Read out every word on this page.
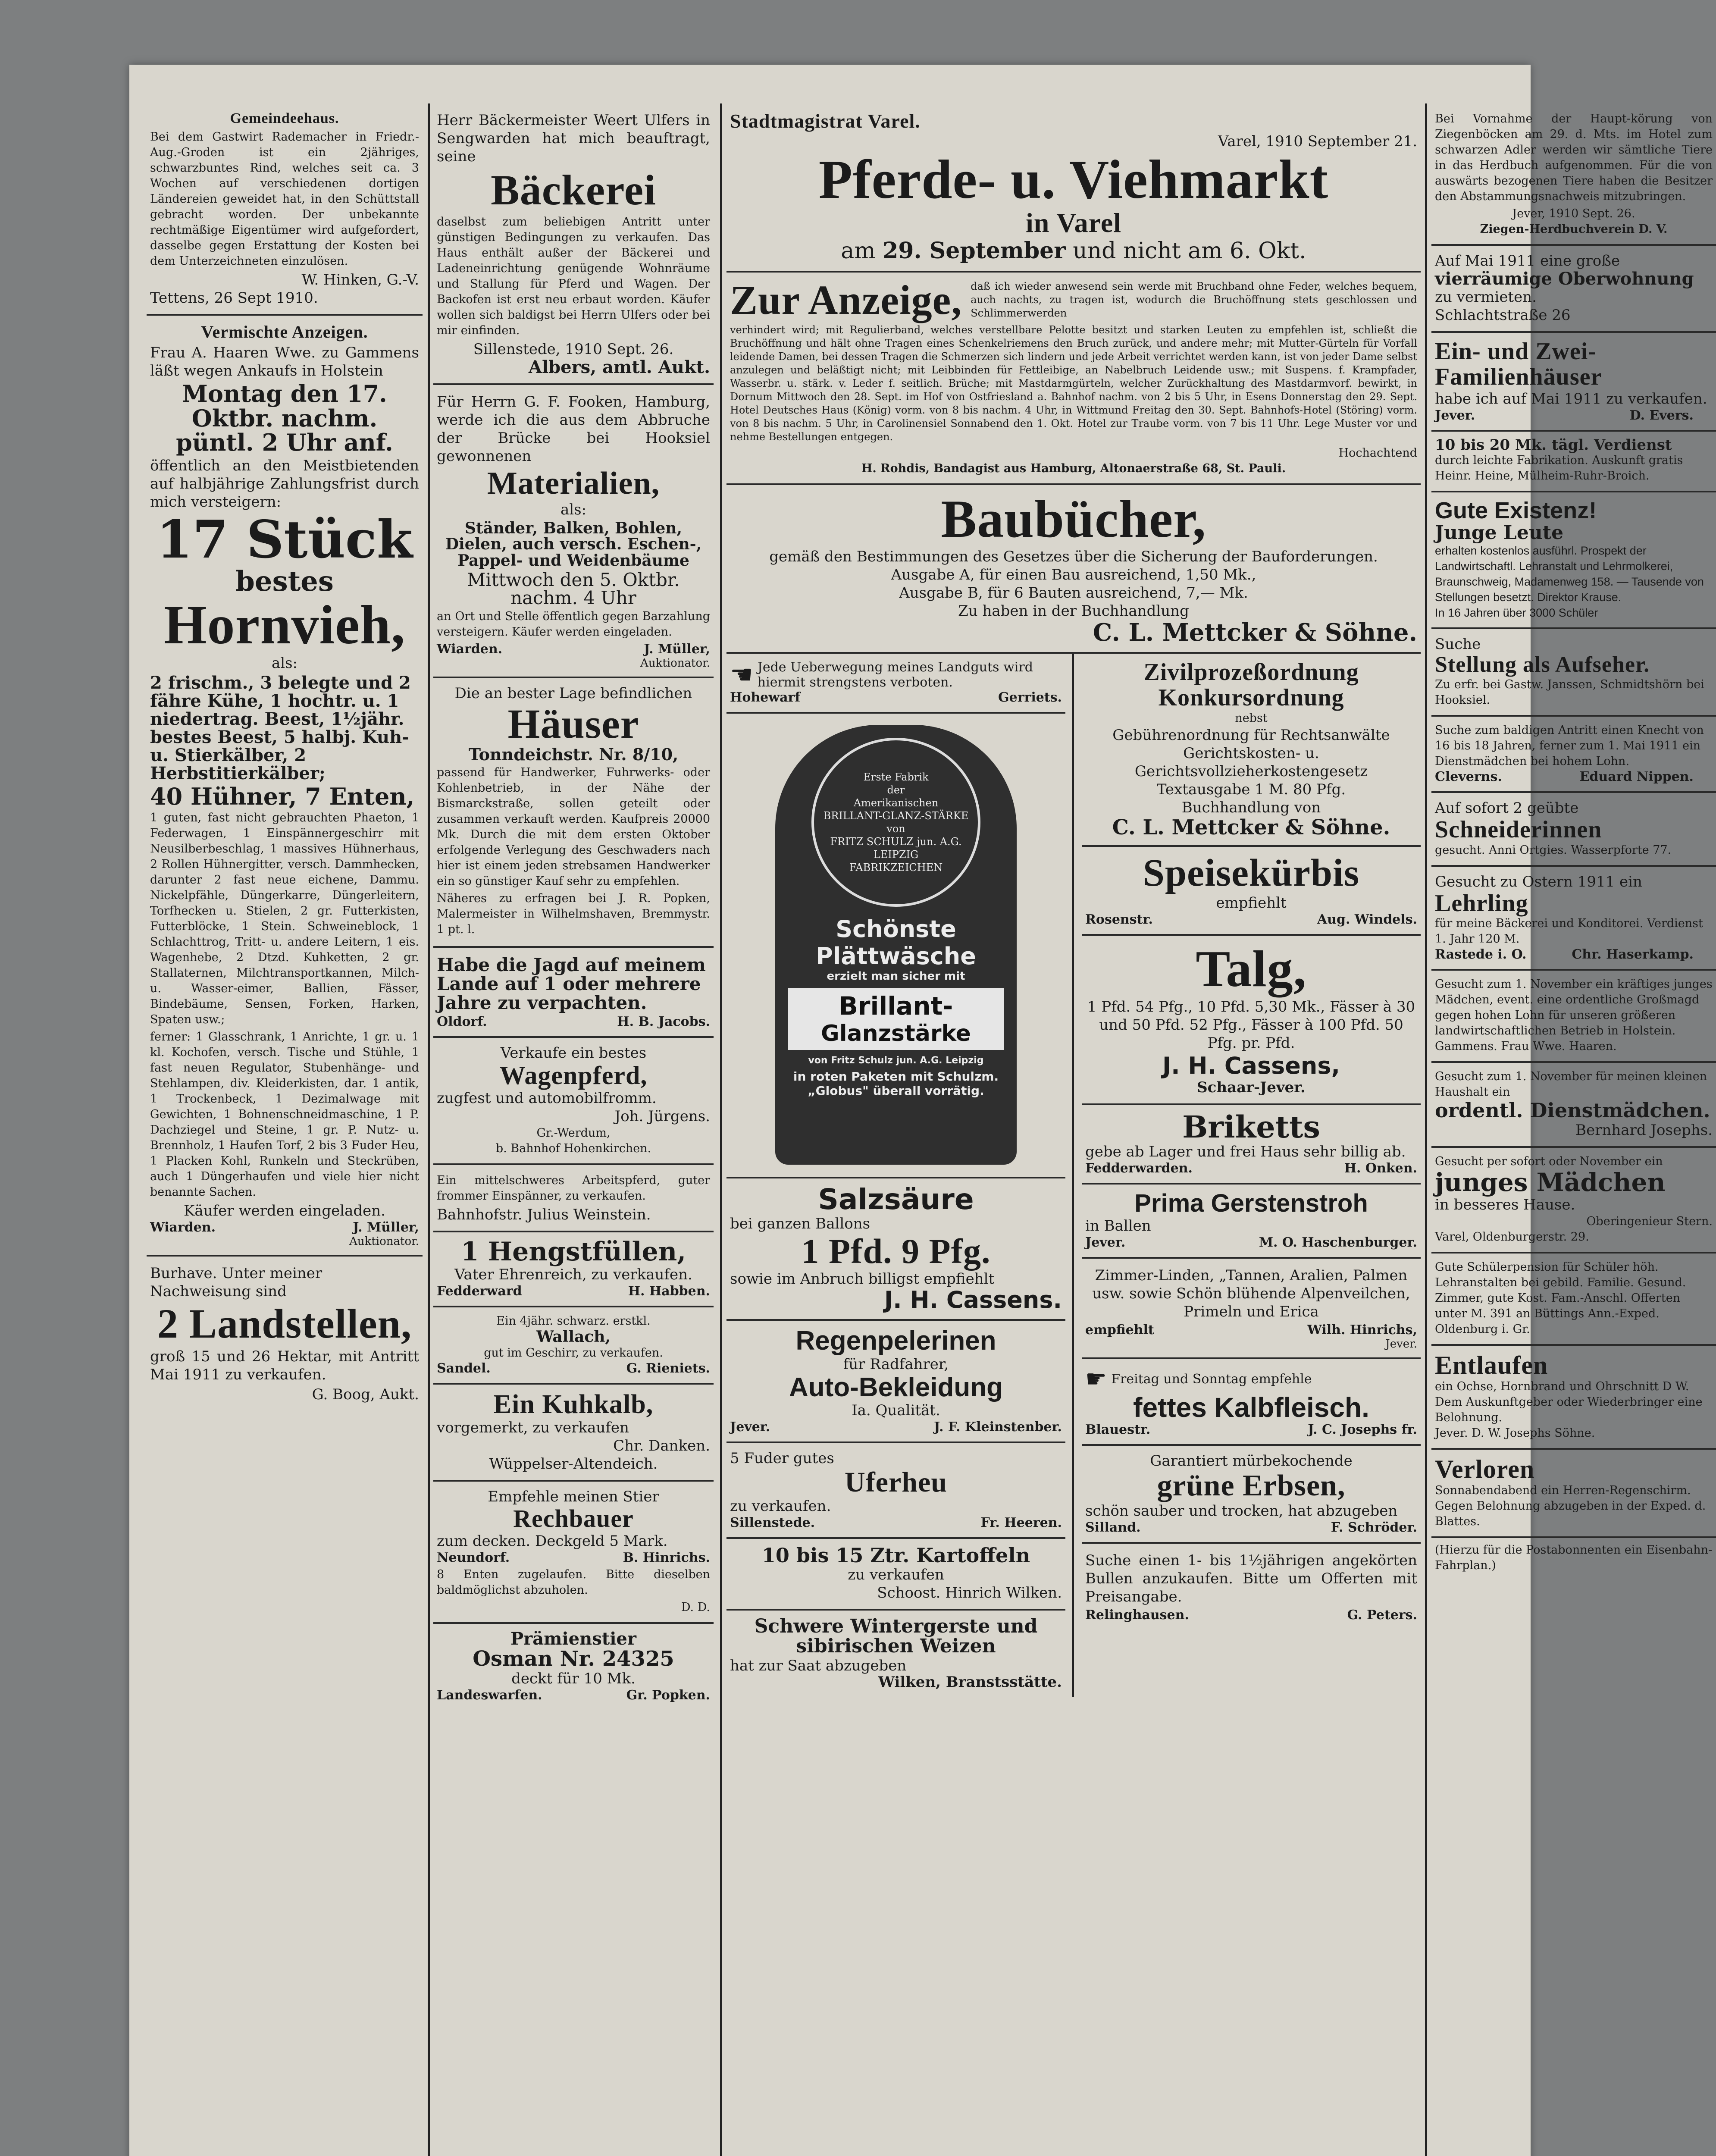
Gemeindeehaus.

Bei dem Gastwirt Rademacher in Friedr.-Aug.-Groden ist ein 2jähriges, schwarzbuntes Rind, welches seit ca. 3 Wochen auf verschiedenen dortigen Ländereien geweidet hat, in den Schüttstall gebracht worden. Der unbekannte rechtmäßige Eigentümer wird aufgefordert, dasselbe gegen Erstattung der Kosten bei dem Unterzeichneten einzulösen.

W. Hinken, G.-V.
Tettens, 26 Sept 1910.
Vermischte Anzeigen.

Frau A. Haaren Wwe. zu Gammens läßt wegen Ankaufs in Holstein

Montag den 17. Oktbr. nachm. püntl. 2 Uhr anf.

öffentlich an den Meistbietenden auf halbjährige Zahlungsfrist durch mich versteigern:

17 Stück
bestes
Hornvieh,
als:

2 frischm., 3 belegte und 2 fähre Kühe, 1 hochtr. u. 1 niedertrag. Beest, 1½jähr. bestes Beest, 5 halbj. Kuh- u. Stierkälber, 2 Herbstitierkälber;

40 Hühner, 7 Enten,

1 guten, fast nicht gebrauchten Phaeton, 1 Federwagen, 1 Einspännergeschirr mit Neusilberbeschlag, 1 massives Hühnerhaus, 2 Rollen Hühnergitter, versch. Dammhecken, darunter 2 fast neue eichene, Dammu. Nickelpfähle, Düngerkarre, Düngerleitern, Torfhecken u. Stielen, 2 gr. Futterkisten, Futterblöcke, 1 Stein. Schweineblock, 1 Schlachttrog, Tritt- u. andere Leitern, 1 eis. Wagenhebe, 2 Dtzd. Kuhketten, 2 gr. Stallaternen, Milchtransportkannen, Milch- u. Wasser-eimer, Ballien, Fässer, Bindebäume, Sensen, Forken, Harken, Spaten usw.;

ferner: 1 Glasschrank, 1 Anrichte, 1 gr. u. 1 kl. Kochofen, versch. Tische und Stühle, 1 fast neuen Regulator, Stubenhänge- und Stehlampen, div. Kleiderkisten, dar. 1 antik, 1 Trockenbeck, 1 Dezimalwage mit Gewichten, 1 Bohnenschneidmaschine, 1 P. Dachziegel und Steine, 1 gr. P. Nutz- u. Brennholz, 1 Haufen Torf, 2 bis 3 Fuder Heu, 1 Placken Kohl, Runkeln und Steckrüben, auch 1 Düngerhaufen und viele hier nicht benannte Sachen.

Käufer werden eingeladen.
Wiarden.	J. Müller,
Auktionator.

Burhave. Unter meiner Nachweisung sind

2 Landstellen,

groß 15 und 26 Hektar, mit Antritt Mai 1911 zu verkaufen.

G. Boog, Aukt.

Herr Bäckermeister Weert Ulfers in Sengwarden hat mich beauftragt, seine

Bäckerei

daselbst zum beliebigen Antritt unter günstigen Bedingungen zu verkaufen. Das Haus enthält außer der Bäckerei und Ladeneinrichtung genügende Wohnräume und Stallung für Pferd und Wagen. Der Backofen ist erst neu erbaut worden. Käufer wollen sich baldigst bei Herrn Ulfers oder bei mir einfinden.

Sillenstede, 1910 Sept. 26.
Albers, amtl. Aukt.

Für Herrn G. F. Fooken, Hamburg, werde ich die aus dem Abbruche der Brücke bei Hooksiel gewonnenen

Materialien,
als:

Ständer, Balken, Bohlen, Dielen, auch versch. Eschen-, Pappel- und Weidenbäume

Mittwoch den 5. Oktbr. nachm. 4 Uhr

an Ort und Stelle öffentlich gegen Barzahlung versteigern. Käufer werden eingeladen.

Wiarden.	J. Müller,
Auktionator.
Die an bester Lage befindlichen
Häuser
Tonndeichstr. Nr. 8/10,

passend für Handwerker, Fuhrwerks- oder Kohlenbetrieb, in der Nähe der Bismarckstraße, sollen geteilt oder zusammen verkauft werden. Kaufpreis 20000 Mk. Durch die mit dem ersten Oktober erfolgende Verlegung des Geschwaders nach hier ist einem jeden strebsamen Handwerker ein so günstiger Kauf sehr zu empfehlen.

Näheres zu erfragen bei J. R. Popken, Malermeister in Wilhelmshaven, Bremmystr. 1 pt. l.

Habe die Jagd auf meinem Lande auf 1 oder mehrere Jahre zu verpachten.

Oldorf.	H. B. Jacobs.
Verkaufe ein bestes
Wagenpferd,
zugfest und automobilfromm.
Joh. Jürgens.
Gr.-Werdum,
b. Bahnhof Hohenkirchen.

Ein mittelschweres Arbeitspferd, guter frommer Einspänner, zu verkaufen.

Bahnhofstr. Julius Weinstein.
1 Hengstfüllen,
Vater Ehrenreich, zu verkaufen.
Fedderward	H. Habben.
Ein 4jähr. schwarz. erstkl.
Wallach,
gut im Geschirr, zu verkaufen.
Sandel.	G. Rieniets.
Ein Kuhkalb,
vorgemerkt, zu verkaufen
Chr. Danken.
Wüppelser-Altendeich.
Empfehle meinen Stier
Rechbauer
zum decken. Deckgeld 5 Mark.
Neundorf.	B. Hinrichs.

8 Enten zugelaufen. Bitte dieselben baldmöglichst abzuholen.

D. D.
Prämienstier
Osman Nr. 24325
deckt für 10 Mk.
Landeswarfen.	Gr. Popken.
Stadtmagistrat Varel.
Varel, 1910 September 21.
Pferde- u. Viehmarkt
in Varel
am 29. September und nicht am 6. Okt.
Zur Anzeige, daß ich wieder anwesend sein werde mit Bruchband ohne Feder, welches bequem, auch nachts, zu tragen ist, wodurch die Bruchöffnung stets geschlossen und Schlimmerwerden

verhindert wird; mit Regulierband, welches verstellbare Pelotte besitzt und starken Leuten zu empfehlen ist, schließt die Bruchöffnung und hält ohne Tragen eines Schenkelriemens den Bruch zurück, und andere mehr; mit Mutter-Gürteln für Vorfall leidende Damen, bei dessen Tragen die Schmerzen sich lindern und jede Arbeit verrichtet werden kann, ist von jeder Dame selbst anzulegen und beläßtigt nicht; mit Leibbinden für Fettleibige, an Nabelbruch Leidende usw.; mit Suspens. f. Krampfader, Wasserbr. u. stärk. v. Leder f. seitlich. Brüche; mit Mastdarmgürteln, welcher Zurückhaltung des Mastdarmvorf. bewirkt, in Dornum Mittwoch den 28. Sept. im Hof von Ostfriesland a. Bahnhof nachm. von 2 bis 5 Uhr, in Esens Donnerstag den 29. Sept. Hotel Deutsches Haus (König) vorm. von 8 bis nachm. 4 Uhr, in Wittmund Freitag den 30. Sept. Bahnhofs-Hotel (Störing) vorm. von 8 bis nachm. 5 Uhr, in Carolinensiel Sonnabend den 1. Okt. Hotel zur Traube vorm. von 7 bis 11 Uhr. Lege Muster vor und nehme Bestellungen entgegen.

Hochachtend
H. Rohdis, Bandagist aus Hamburg, Altonaerstraße 68, St. Pauli.
Baubücher,
gemäß den Bestimmungen des Gesetzes über die Sicherung der Bauforderungen.
Ausgabe A, für einen Bau ausreichend, 1,50 Mk.,
Ausgabe B, für 6 Bauten ausreichend, 7,— Mk.
Zu haben in der Buchhandlung
C. L. Mettcker & Söhne.
☚ Jede Ueberwegung meines Landguts wird hiermit strengstens verboten.
Hohewarf	Gerriets.
Erste Fabrik
der
Amerikanischen
BRILLANT-GLANZ-STÄRKE
von
FRITZ SCHULZ jun. A.G.
LEIPZIG
FABRIKZEICHEN
Schönste
Plättwäsche
erzielt man sicher mit
Brillant-
Glanzstärke
von Fritz Schulz jun. A.G. Leipzig
in roten Paketen mit Schulzm. „Globus" überall vorrätig.
Salzsäure
bei ganzen Ballons
1 Pfd. 9 Pfg.
sowie im Anbruch billigst empfiehlt
J. H. Cassens.
Regenpelerinen
für Radfahrer,
Auto-Bekleidung
Ia. Qualität.
Jever.	J. F. Kleinstenber.
5 Fuder gutes
Uferheu
zu verkaufen.
Sillenstede.	Fr. Heeren.
10 bis 15 Ztr. Kartoffeln
zu verkaufen
Schoost. Hinrich Wilken.
Schwere Wintergerste und sibirischen Weizen
hat zur Saat abzugeben
Wilken, Branstsstätte.
Zivilprozeßordnung
Konkursordnung
nebst
Gebührenordnung für Rechtsanwälte Gerichtskosten- u. Gerichtsvollzieherkostengesetz
Textausgabe 1 M. 80 Pfg.
Buchhandlung von
C. L. Mettcker & Söhne.
Speisekürbis
empfiehlt
Rosenstr.	Aug. Windels.
Talg,

1 Pfd. 54 Pfg., 10 Pfd. 5,30 Mk., Fässer à 30 und 50 Pfd. 52 Pfg., Fässer à 100 Pfd. 50 Pfg. pr. Pfd.

J. H. Cassens,
Schaar-Jever.
Briketts
gebe ab Lager und frei Haus sehr billig ab.
Fedderwarden.	H. Onken.
Prima Gerstenstroh
in Ballen
Jever.	M. O. Haschenburger.

Zimmer-Linden, „Tannen, Aralien, Palmen usw. sowie Schön blühende Alpenveilchen, Primeln und Erica

empfiehlt	Wilh. Hinrichs,
Jever.
☛ Freitag und Sonntag empfehle
fettes Kalbfleisch.
Blauestr.	J. C. Josephs fr.
Garantiert mürbekochende
grüne Erbsen,
schön sauber und trocken, hat abzugeben
Silland.	F. Schröder.

Suche einen 1- bis 1½jährigen angekörten Bullen anzukaufen. Bitte um Offerten mit Preisangabe.

Relinghausen.	G. Peters.

Bei Vornahme der Haupt-körung von Ziegenböcken am 29. d. Mts. im Hotel zum schwarzen Adler werden wir sämtliche Tiere in das Herdbuch aufgenommen. Für die von auswärts bezogenen Tiere haben die Besitzer den Abstammungsnachweis mitzubringen.

Jever, 1910 Sept. 26.
Ziegen-Herdbuchverein D. V.
Auf Mai 1911 eine große
vierräumige Oberwohnung
zu vermieten.
Schlachtstraße 26
Ein- und Zwei-Familienhäuser
habe ich auf Mai 1911 zu verkaufen.
Jever.	D. Evers.
10 bis 20 Mk. tägl. Verdienst
durch leichte Fabrikation. Auskunft gratis Heinr. Heine, Mülheim-Ruhr-Broich.
Gute Existenz!
Junge Leute
erhalten kostenlos ausführl. Prospekt der Landwirtschaftl. Lehranstalt und Lehrmolkerei, Braunschweig, Madamenweg 158. — Tausende von Stellungen besetzt. Direktor Krause.
In 16 Jahren über 3000 Schüler
Suche
Stellung als Aufseher.
Zu erfr. bei Gastw. Janssen, Schmidtshörn bei Hooksiel.
Suche zum baldigen Antritt einen Knecht von 16 bis 18 Jahren, ferner zum 1. Mai 1911 ein Dienstmädchen bei hohem Lohn.
Cleverns.	Eduard Nippen.
Auf sofort 2 geübte
Schneiderinnen
gesucht. Anni Ortgies. Wasserpforte 77.
Gesucht zu Ostern 1911 ein
Lehrling
für meine Bäckerei und Konditorei. Verdienst 1. Jahr 120 M.
Rastede i. O.	Chr. Haserkamp.
Gesucht zum 1. November ein kräftiges junges Mädchen, event. eine ordentliche Großmagd gegen hohen Lohn für unseren größeren landwirtschaftlichen Betrieb in Holstein.
Gammens. Frau Wwe. Haaren.
Gesucht zum 1. November für meinen kleinen Haushalt ein
ordentl. Dienstmädchen.
Bernhard Josephs.
Gesucht per sofort oder November ein
junges Mädchen
in besseres Hause.
Oberingenieur Stern.
Varel, Oldenburgerstr. 29.
Gute Schülerpension für Schüler höh. Lehranstalten bei gebild. Familie. Gesund. Zimmer, gute Kost. Fam.-Anschl. Offerten unter M. 391 an Büttings Ann.-Exped. Oldenburg i. Gr.
Entlaufen
ein Ochse, Hornbrand und Ohrschnitt D W. Dem Auskunftgeber oder Wiederbringer eine Belohnung.
Jever. D. W. Josephs Söhne.
Verloren
Sonnabendabend ein Herren-Regenschirm. Gegen Belohnung abzugeben in der Exped. d. Blattes.
(Hierzu für die Postabonnenten ein Eisenbahn-Fahrplan.)
